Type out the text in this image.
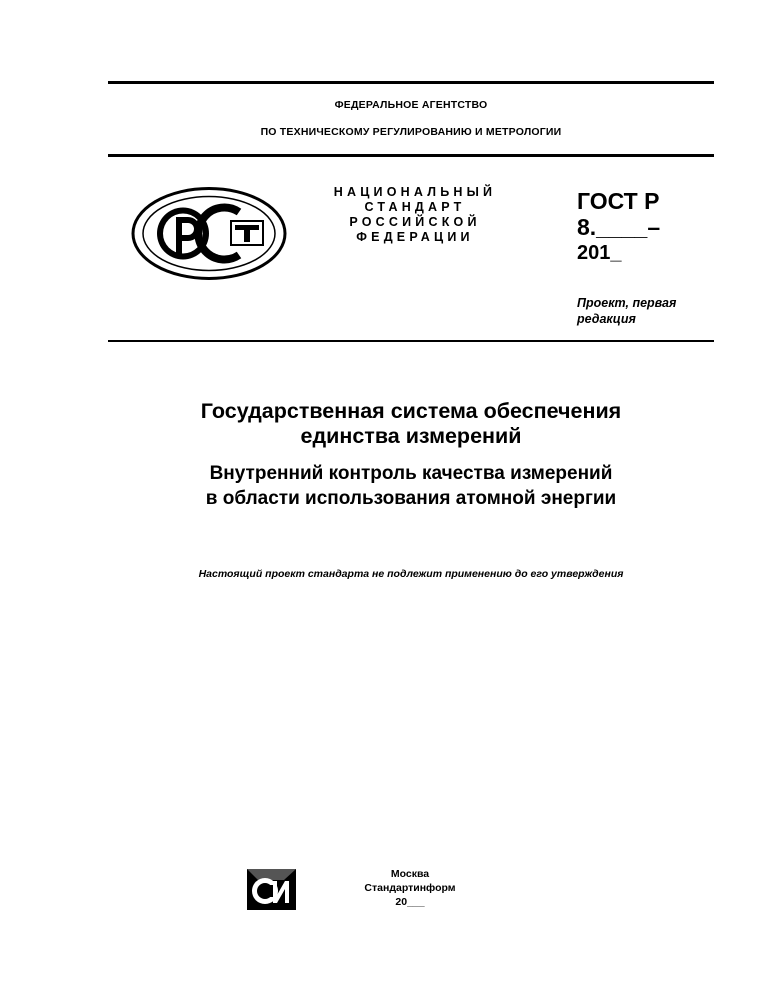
ФЕДЕРАЛЬНОЕ АГЕНТСТВО
ПО ТЕХНИЧЕСКОМУ РЕГУЛИРОВАНИЮ И МЕТРОЛОГИИ
НАЦИОНАЛЬНЫЙ
СТАНДАРТ
РОССИЙСКОЙ
ФЕДЕРАЦИИ
ГОСТ Р
8.____–
201_
Проект, первая
редакция
Государственная система обеспечения
единства измерений
Внутренний контроль качества измерений
в области использования атомной энергии
Настоящий проект стандарта не подлежит применению до его утверждения
Москва
Стандартинформ
20___
